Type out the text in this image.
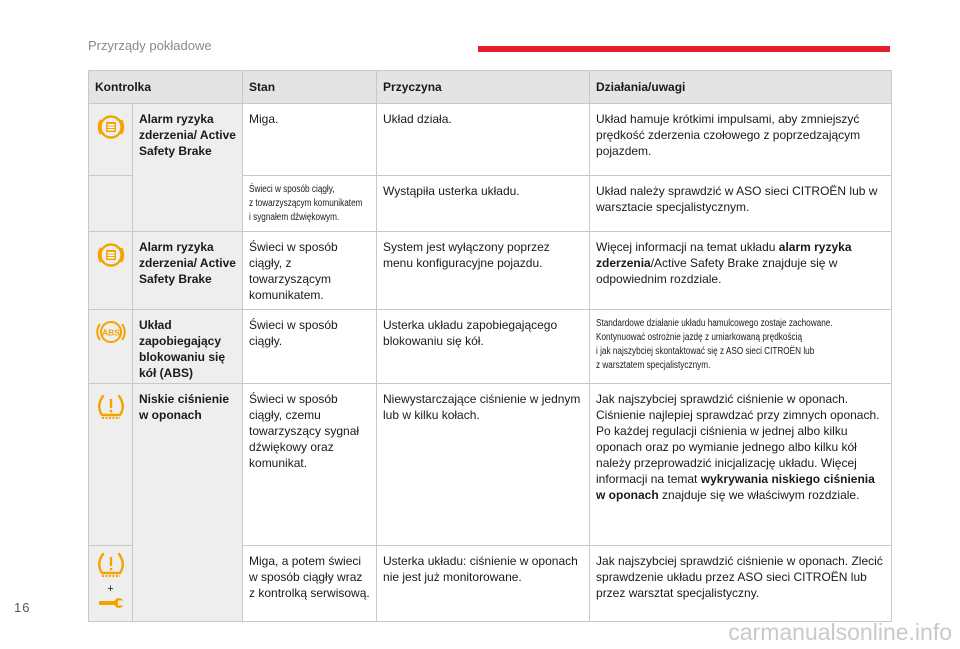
Przyrządy pokładowe
Kontrolka		Stan	Przyczyna	Działania/uwagi

	Alarm ryzyka zderzenia/ Active Safety Brake	Miga.	Układ działa.	Układ hamuje krótkimi impulsami, aby zmniejszyć prędkość zderzenia czołowego z poprzedzającym pojazdem.

		Świeci w sposób ciągły,
z towarzyszącym komunikatem
i sygnałem dźwiękowym.	Wystąpiła usterka układu.	Układ należy sprawdzić w ASO sieci CITROËN lub w warsztacie specjalistycznym.

	Alarm ryzyka zderzenia/ Active Safety Brake	Świeci w sposób ciągły, z towarzyszącym komunikatem.	System jest wyłączony poprzez menu konfiguracyjne pojazdu.	Więcej informacji na temat układu alarm ryzyka zderzenia/Active Safety Brake znajduje się w odpowiednim rozdziale.

ABS	Układ zapobiegający blokowaniu się kół (ABS)	Świeci w sposób ciągły.	Usterka układu zapobiegającego blokowaniu się kół.	Standardowe działanie układu hamulcowego zostaje zachowane.
Kontynuować ostrożnie jazdę z umiarkowaną prędkością
i jak najszybciej skontaktować się z ASO sieci CITROËN lub
z warsztatem specjalistycznym.

	Niskie ciśnienie w oponach	Świeci w sposób ciągły, czemu towarzyszący sygnał dźwiękowy oraz komunikat.	Niewystarczające ciśnienie w jednym lub w kilku kołach.	Jak najszybciej sprawdzić ciśnienie w oponach. Ciśnienie najlepiej sprawdzać przy zimnych oponach. Po każdej regulacji ciśnienia w jednej albo kilku oponach oraz po wymianie jednego albo kilku kół należy przeprowadzić inicjalizację układu. Więcej informacji na temat wykrywania niskiego ciśnienia w oponach znajduje się we właściwym rozdziale.

+		Miga, a potem świeci w sposób ciągły wraz z kontrolką serwisową.	Usterka układu: ciśnienie w oponach nie jest już monitorowane.	Jak najszybciej sprawdzić ciśnienie w oponach. Zlecić sprawdzenie układu przez ASO sieci CITROËN lub przez warsztat specjalistyczny.
16
carmanualsonline.info
